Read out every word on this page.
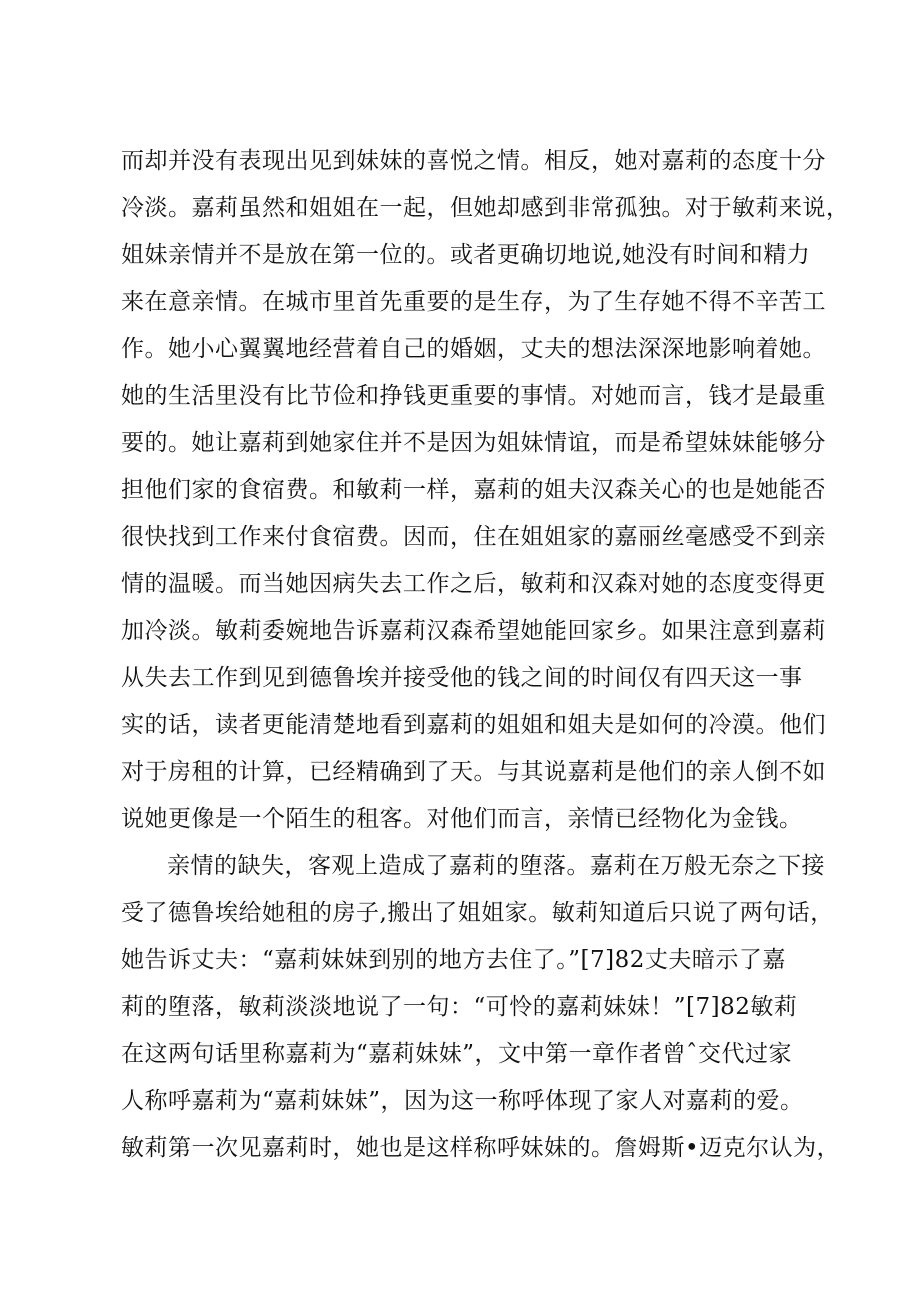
而却并没有表现出见到妹妹的喜悦之情。相反，她对嘉莉的态度十分
冷淡。嘉莉虽然和姐姐在一起，但她却感到非常孤独。对于敏莉来说，
姐妹亲情并不是放在第一位的。或者更确切地说,她没有时间和精力
来在意亲情。在城市里首先重要的是生存，为了生存她不得不辛苦工
作。她小心翼翼地经营着自己的婚姻，丈夫的想法深深地影响着她。
她的生活里没有比节俭和挣钱更重要的事情。对她而言，钱才是最重
要的。她让嘉莉到她家住并不是因为姐妹情谊，而是希望妹妹能够分
担他们家的食宿费。和敏莉一样，嘉莉的姐夫汉森关心的也是她能否
很快找到工作来付食宿费。因而，住在姐姐家的嘉丽丝毫感受不到亲
情的温暖。而当她因病失去工作之后，敏莉和汉森对她的态度变得更
加冷淡。敏莉委婉地告诉嘉莉汉森希望她能回家乡。如果注意到嘉莉
从失去工作到见到德鲁埃并接受他的钱之间的时间仅有四天这一事
实的话，读者更能清楚地看到嘉莉的姐姐和姐夫是如何的冷漠。他们
对于房租的计算，已经精确到了天。与其说嘉莉是他们的亲人倒不如
说她更像是一个陌生的租客。对他们而言，亲情已经物化为金钱。
亲情的缺失，客观上造成了嘉莉的堕落。嘉莉在万般无奈之下接
受了德鲁埃给她租的房子,搬出了姐姐家。敏莉知道后只说了两句话，
她告诉丈夫：“嘉莉妹妹到别的地方去住了。”[7]82丈夫暗示了嘉
莉的堕落，敏莉淡淡地说了一句：“可怜的嘉莉妹妹！”[7]82敏莉
在这两句话里称嘉莉为“嘉莉妹妹”，文中第一章作者曾ˆ交代过家
人称呼嘉莉为“嘉莉妹妹”，因为这一称呼体现了家人对嘉莉的爱。
敏莉第一次见嘉莉时，她也是这样称呼妹妹的。詹姆斯•迈克尔认为，
